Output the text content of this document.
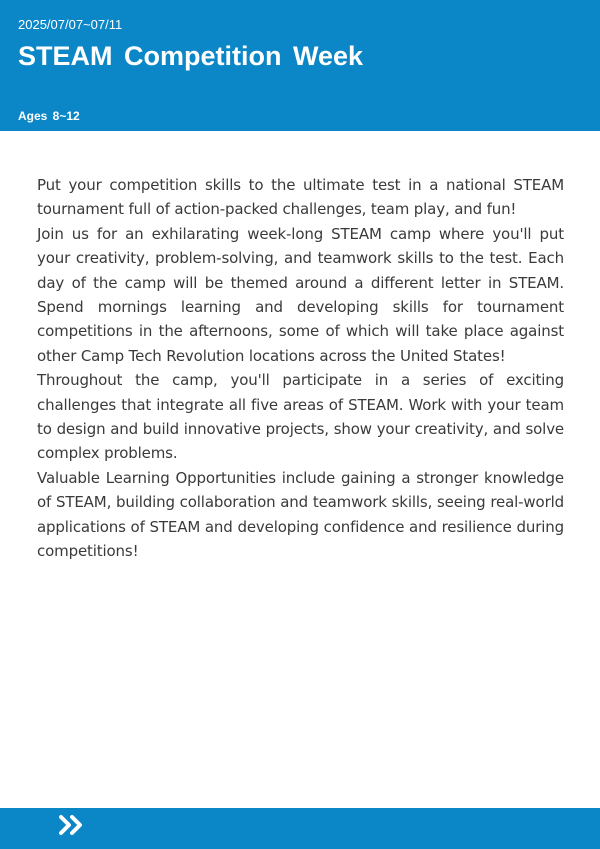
2025/07/07~07/11
STEAM Competition Week
Ages 8~12

Put your competition skills to the ultimate test in a national STEAM tournament full of action-packed challenges, team play, and fun!

Join us for an exhilarating week-long STEAM camp where you'll put your creativity, problem-solving, and teamwork skills to the test. Each day of the camp will be themed around a different letter in STEAM. Spend mornings learning and developing skills for tournament competitions in the afternoons, some of which will take place against other Camp Tech Revolution locations across the United States!

Throughout the camp, you'll participate in a series of exciting challenges that integrate all five areas of STEAM. Work with your team to design and build innovative projects, show your creativity, and solve complex problems.

Valuable Learning Opportunities include gaining a stronger knowledge of STEAM, building collaboration and teamwork skills, seeing real-world applications of STEAM and developing confidence and resilience during competitions!
